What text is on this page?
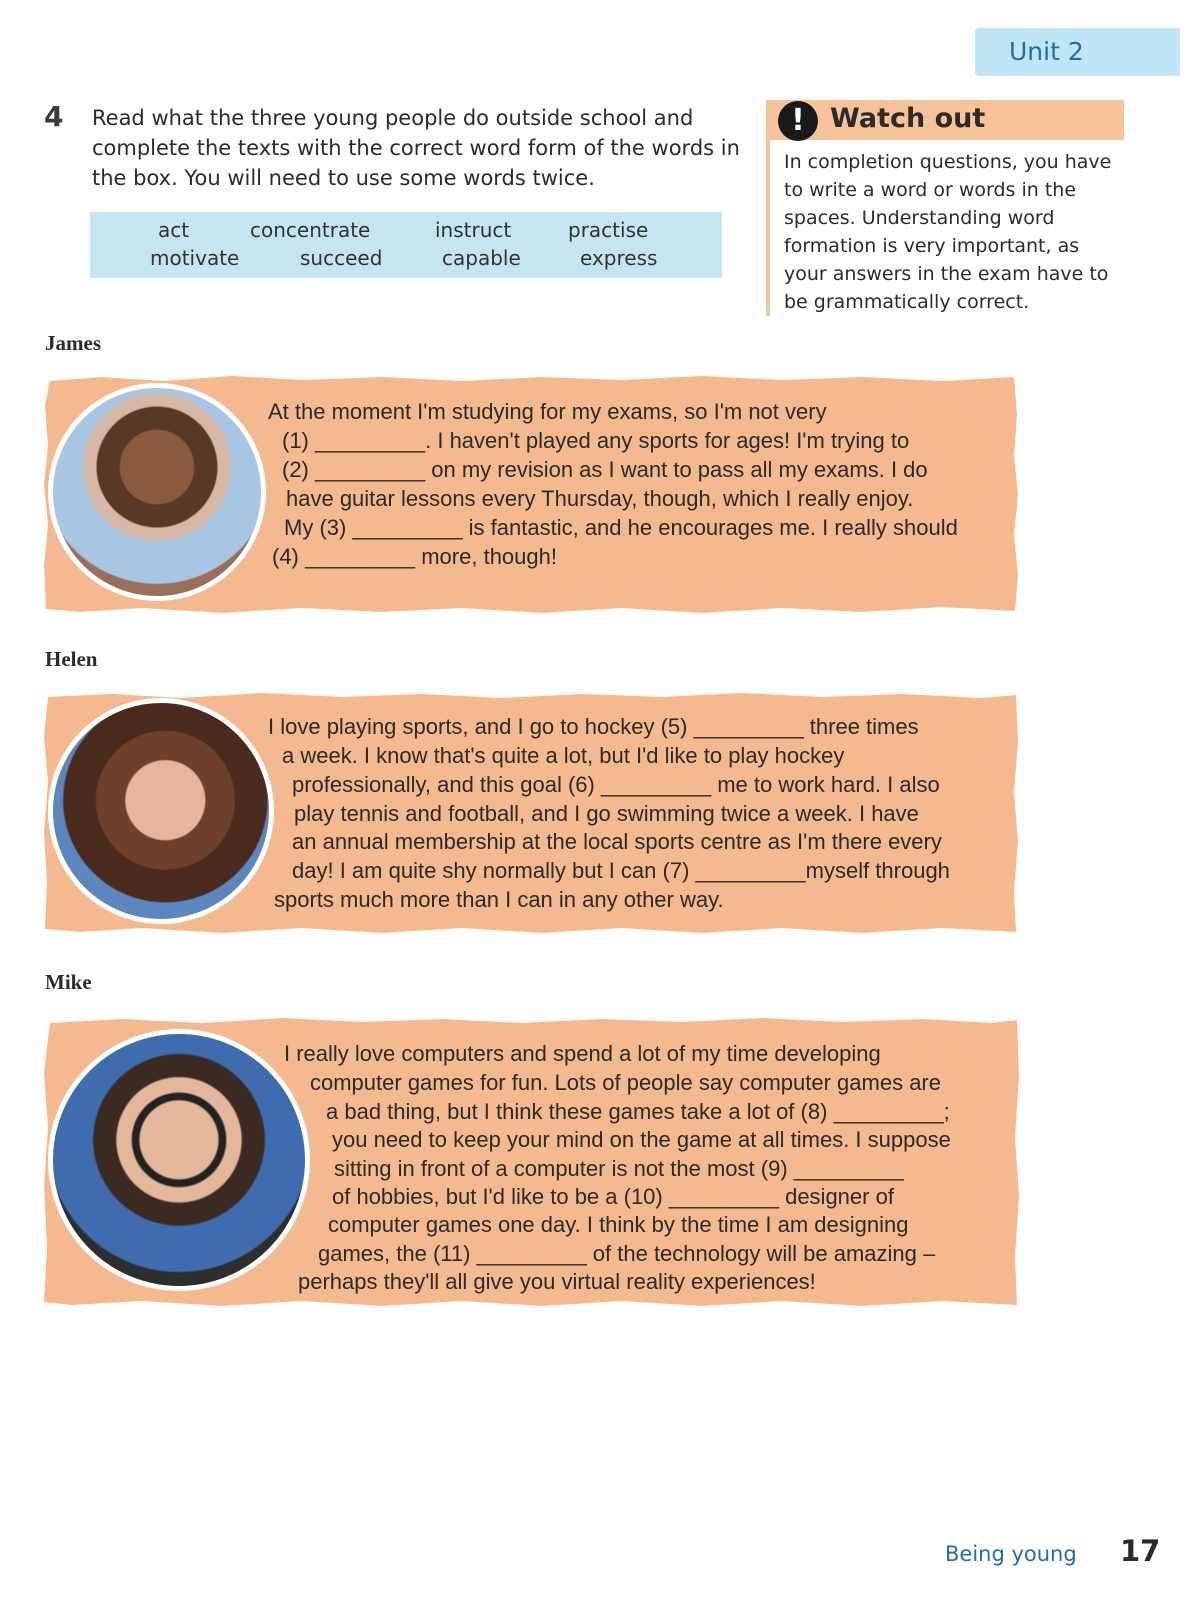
Unit 2
4 Read what the three young people do outside school and complete the texts with the correct word form of the words in the box. You will need to use some words twice.
act	concentrate	instruct	practise
motivate	succeed	capable	express
! Watch out
In completion questions, you have to write a word or words in the spaces. Understanding word formation is very important, as your answers in the exam have to be grammatically correct.
James
At the moment I'm studying for my exams, so I'm not very
(1) _________. I haven't played any sports for ages! I'm trying to
(2) _________ on my revision as I want to pass all my exams. I do
have guitar lessons every Thursday, though, which I really enjoy.
My (3) _________ is fantastic, and he encourages me. I really should
(4) _________ more, though!
Helen
I love playing sports, and I go to hockey (5) _________ three times
a week. I know that's quite a lot, but I'd like to play hockey
professionally, and this goal (6) _________ me to work hard. I also
play tennis and football, and I go swimming twice a week. I have
an annual membership at the local sports centre as I'm there every
day! I am quite shy normally but I can (7) _________myself through
sports much more than I can in any other way.
Mike
I really love computers and spend a lot of my time developing
computer games for fun. Lots of people say computer games are
a bad thing, but I think these games take a lot of (8) _________;
you need to keep your mind on the game at all times. I suppose
sitting in front of a computer is not the most (9) _________
of hobbies, but I'd like to be a (10) _________ designer of
computer games one day. I think by the time I am designing
games, the (11) _________ of the technology will be amazing –
perhaps they'll all give you virtual reality experiences!
Being young 17
